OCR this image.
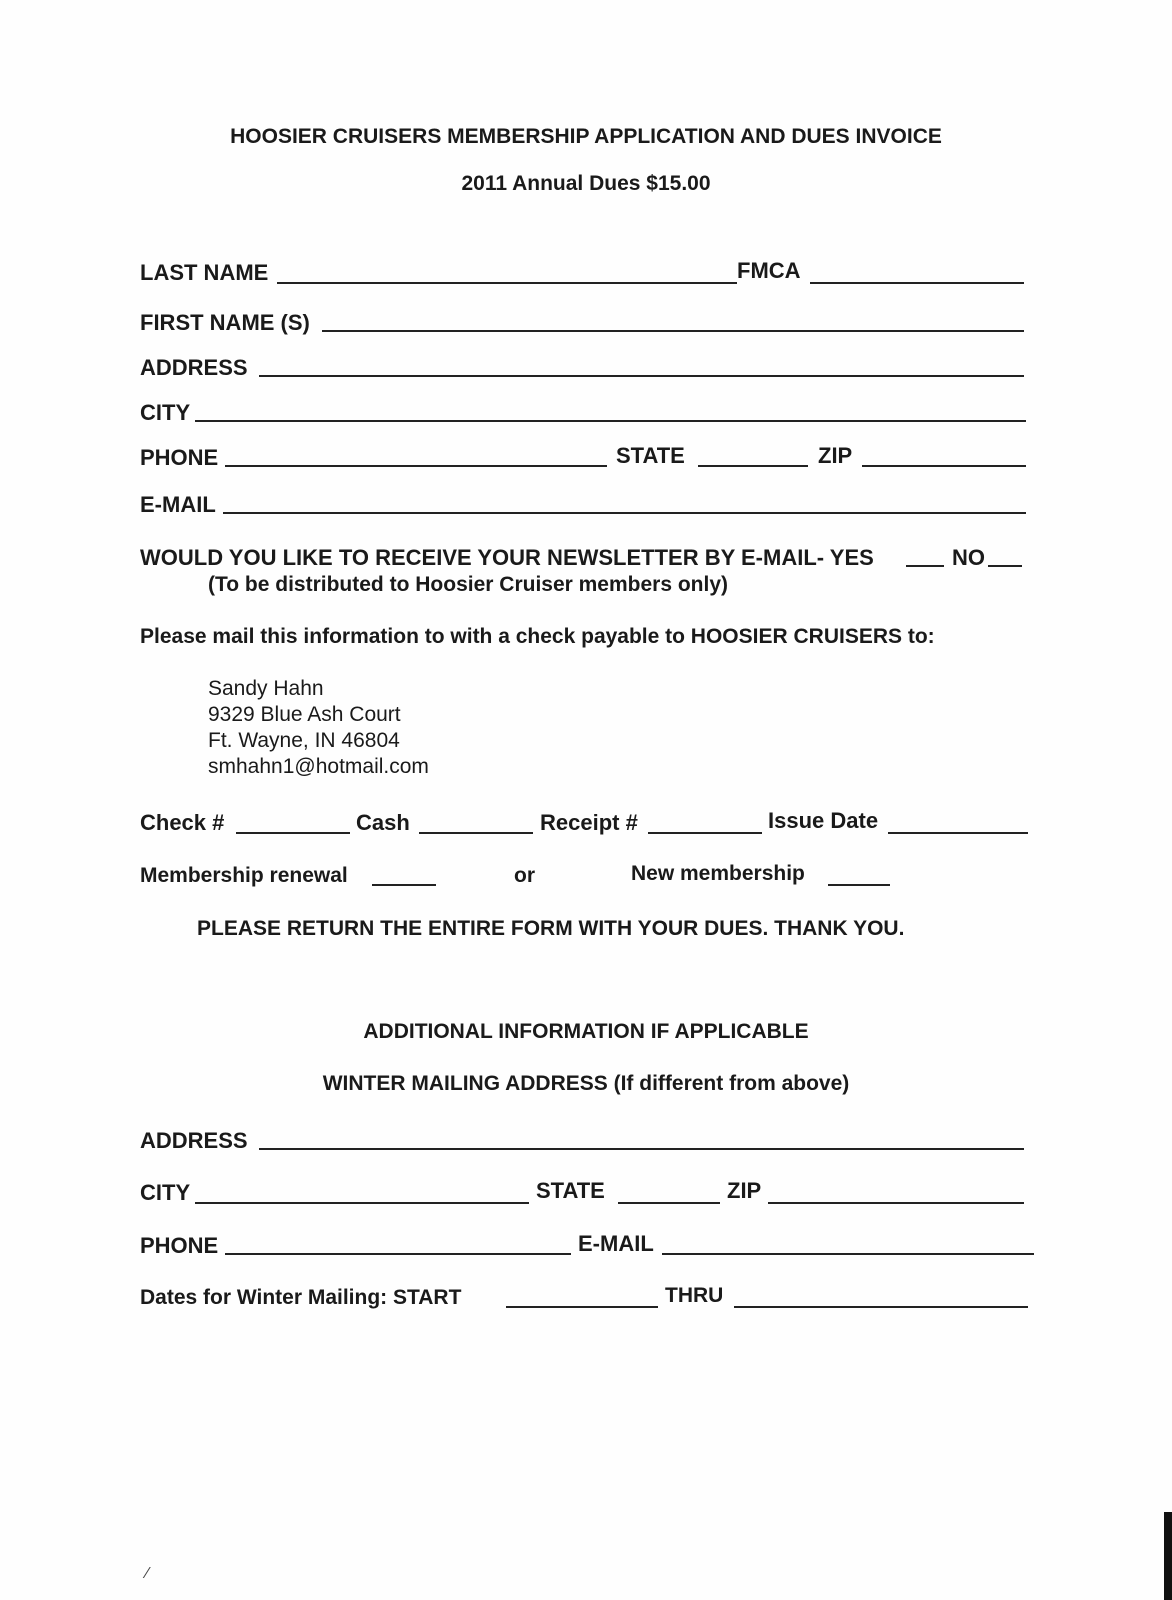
HOOSIER CRUISERS MEMBERSHIP APPLICATION AND DUES INVOICE
2011 Annual Dues $15.00
LAST NAME	FMCA
FIRST NAME (S)
ADDRESS
CITY
PHONE	STATE	ZIP
E-MAIL
WOULD YOU LIKE TO RECEIVE YOUR NEWSLETTER BY E-MAIL- YES	NO
(To be distributed to Hoosier Cruiser members only)
Please mail this information to with a check payable to HOOSIER CRUISERS to:
Sandy Hahn
9329 Blue Ash Court
Ft. Wayne, IN 46804
smhahn1@hotmail.com
Check #	Cash	Receipt #	Issue Date
Membership renewal	or	New membership
PLEASE RETURN THE ENTIRE FORM WITH YOUR DUES. THANK YOU.
ADDITIONAL INFORMATION IF APPLICABLE
WINTER MAILING ADDRESS (If different from above)
ADDRESS
CITY	STATE	ZIP
PHONE	E-MAIL
Dates for Winter Mailing: START	THRU
⁄
